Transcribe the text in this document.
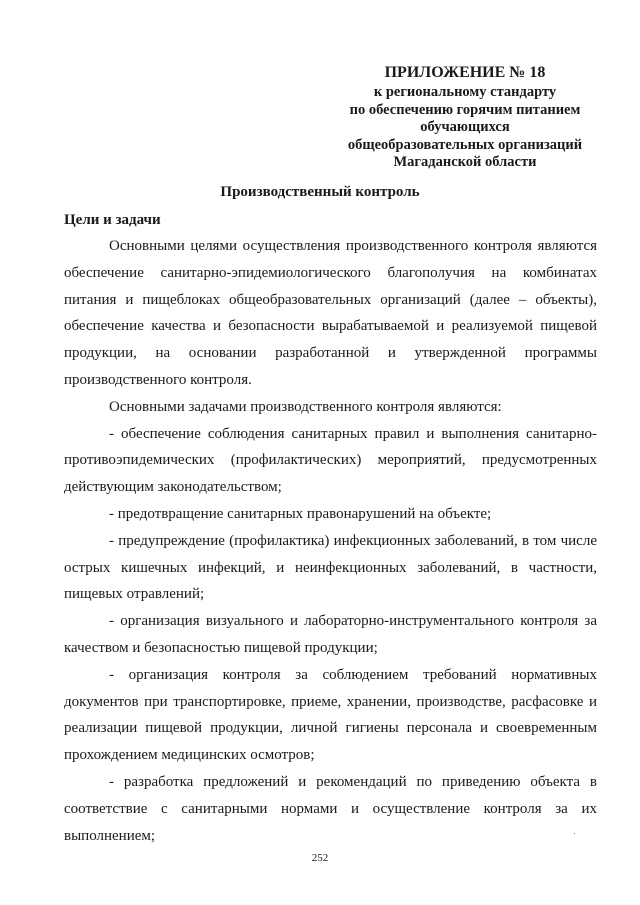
ПРИЛОЖЕНИЕ № 18
к региональному стандарту
по обеспечению горячим питанием
обучающихся
общеобразовательных организаций
Магаданской области
Производственный контроль
Цели и задачи

Основными целями осуществления производственного контроля являются обеспечение санитарно-эпидемиологического благополучия на комбинатах питания и пищеблоках общеобразовательных организаций (далее – объекты), обеспечение качества и безопасности вырабатываемой и реализуемой пищевой продукции, на основании разработанной и утвержденной программы производственного контроля.

Основными задачами производственного контроля являются:

- обеспечение соблюдения санитарных правил и выполнения санитарно-противоэпидемических (профилактических) мероприятий, предусмотренных действующим законодательством;

- предотвращение санитарных правонарушений на объекте;

- предупреждение (профилактика) инфекционных заболеваний, в том числе острых кишечных инфекций, и неинфекционных заболеваний, в частности, пищевых отравлений;

- организация визуального и лабораторно-инструментального контроля за качеством и безопасностью пищевой продукции;

- организация контроля за соблюдением требований нормативных документов при транспортировке, приеме, хранении, производстве, расфасовке и реализации пищевой продукции, личной гигиены персонала и своевременным прохождением медицинских осмотров;

- разработка предложений и рекомендаций по приведению объекта в соответствие с санитарными нормами и осуществление контроля за их выполнением;

252
